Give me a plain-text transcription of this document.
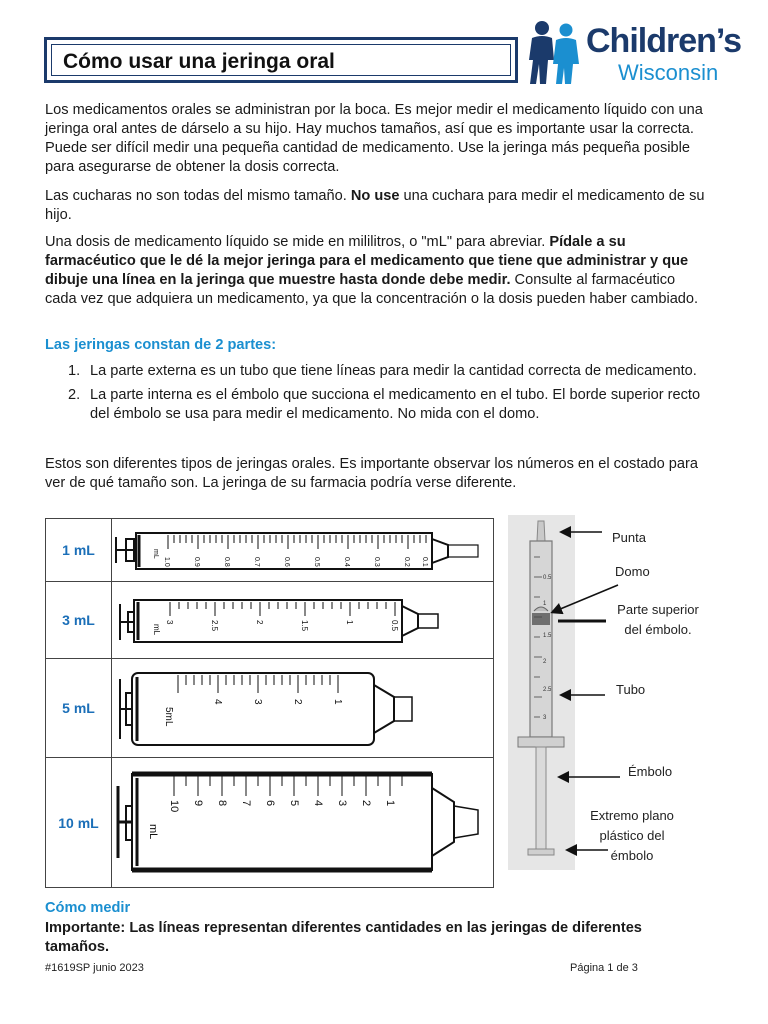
Cómo usar una jeringa oral
Children’s
Wisconsin

Los medicamentos orales se administran por la boca. Es mejor medir el medicamento líquido con una jeringa oral antes de dárselo a su hijo. Hay muchos tamaños, así que es importante usar la correcta. Puede ser difícil medir una pequeña cantidad de medicamento. Use la jeringa más pequeña posible para asegurarse de obtener la dosis correcta.

Las cucharas no son todas del mismo tamaño. No use una cuchara para medir el medicamento de su hijo.

Una dosis de medicamento líquido se mide en mililitros, o "mL" para abreviar. Pídale a su farmacéutico que le dé la mejor jeringa para el medicamento que tiene que administrar y que dibuje una línea en la jeringa que muestre hasta donde debe medir. Consulte al farmacéutico cada vez que adquiera un medicamento, ya que la concentración o la dosis pueden haber cambiado.

Las jeringas constan de 2 partes:
1. La parte externa es un tubo que tiene líneas para medir la cantidad correcta de medicamento.
2. La parte interna es el émbolo que succiona el medicamento en el tubo. El borde superior recto del émbolo se usa para medir el medicamento. No mida con el domo.

Estos son diferentes tipos de jeringas orales. Es importante observar los números en el costado para ver de qué tamaño son. La jeringa de su farmacia podría verse diferente.

1 mL	mL
1.0	0.9	0.8	0.7	0.6	0.5	0.4	0.3	0.2 0.1
3 mL
mL
3	2.5	2	1.5	1	0.5
5 mL	5mL
4	3	2	1
10 mL
mL
10 9 8 7 6 5 4 3 2 1
0.5
1
1.5
2
2.5
3
Punta
Domo
Parte superior
del émbolo.
Tubo
Émbolo
Extremo plano
plástico del
émbolo
Cómo medir
Importante: Las líneas representan diferentes cantidades en las jeringas de diferentes tamaños.
#1619SP junio 2023	Página 1 de 3
